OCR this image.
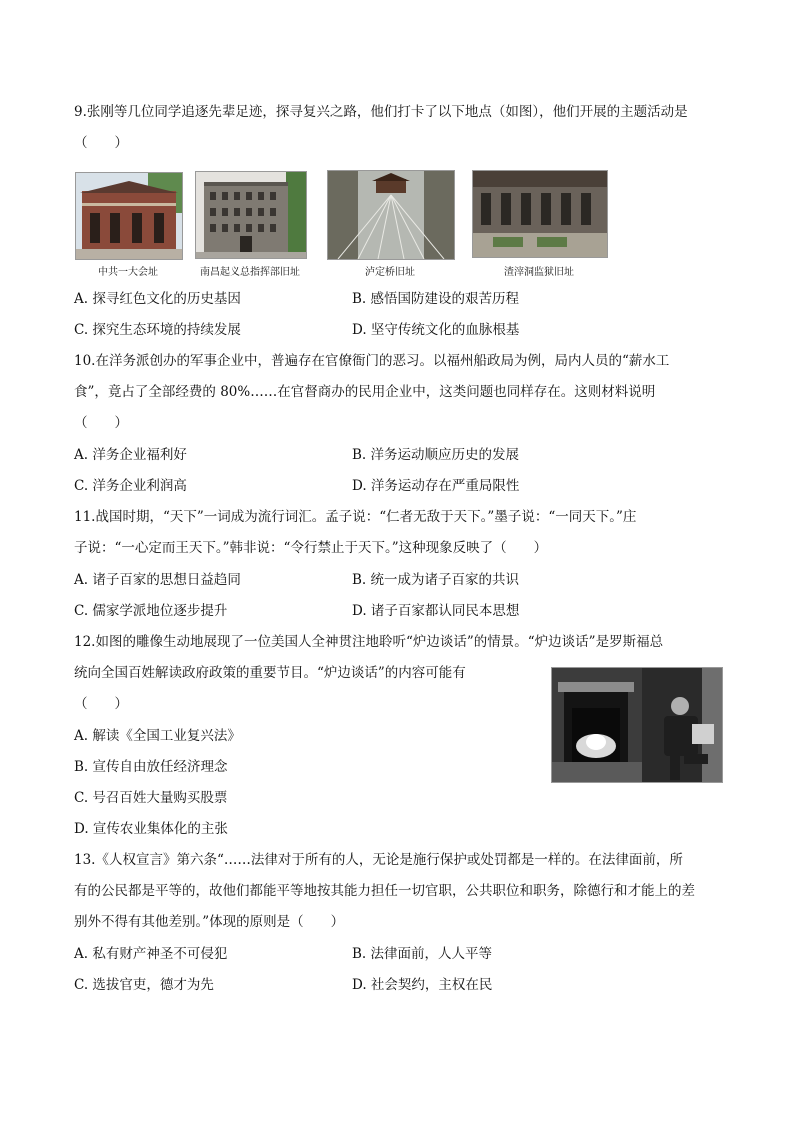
9.张刚等几位同学追逐先辈足迹，探寻复兴之路，他们打卡了以下地点（如图），他们开展的主题活动是
（　　）
中共一大会址	南昌起义总指挥部旧址	泸定桥旧址	渣滓洞监狱旧址
A. 探寻红色文化的历史基因	B. 感悟国防建设的艰苦历程
C. 探究生态环境的持续发展	D. 坚守传统文化的血脉根基
10.在洋务派创办的军事企业中，普遍存在官僚衙门的恶习。以福州船政局为例，局内人员的“薪水工
食”，竟占了全部经费的 80%……在官督商办的民用企业中，这类问题也同样存在。这则材料说明
（　　）
A. 洋务企业福利好	B. 洋务运动顺应历史的发展
C. 洋务企业利润高	D. 洋务运动存在严重局限性
11.战国时期，“天下”一词成为流行词汇。孟子说：“仁者无敌于天下。”墨子说：“一同天下。”庄
子说：“一心定而王天下。”韩非说：“令行禁止于天下。”这种现象反映了（　　）
A. 诸子百家的思想日益趋同	B. 统一成为诸子百家的共识
C. 儒家学派地位逐步提升	D. 诸子百家都认同民本思想
12.如图的雕像生动地展现了一位美国人全神贯注地聆听“炉边谈话”的情景。“炉边谈话”是罗斯福总
统向全国百姓解读政府政策的重要节目。“炉边谈话”的内容可能有
（　　）
A. 解读《全国工业复兴法》
B. 宣传自由放任经济理念
C. 号召百姓大量购买股票
D. 宣传农业集体化的主张
13.《人权宣言》第六条“……法律对于所有的人，无论是施行保护或处罚都是一样的。在法律面前，所
有的公民都是平等的，故他们都能平等地按其能力担任一切官职，公共职位和职务，除德行和才能上的差
别外不得有其他差别。”体现的原则是（　　）
A. 私有财产神圣不可侵犯	B. 法律面前，人人平等
C. 选拔官吏，德才为先	D. 社会契约，主权在民
